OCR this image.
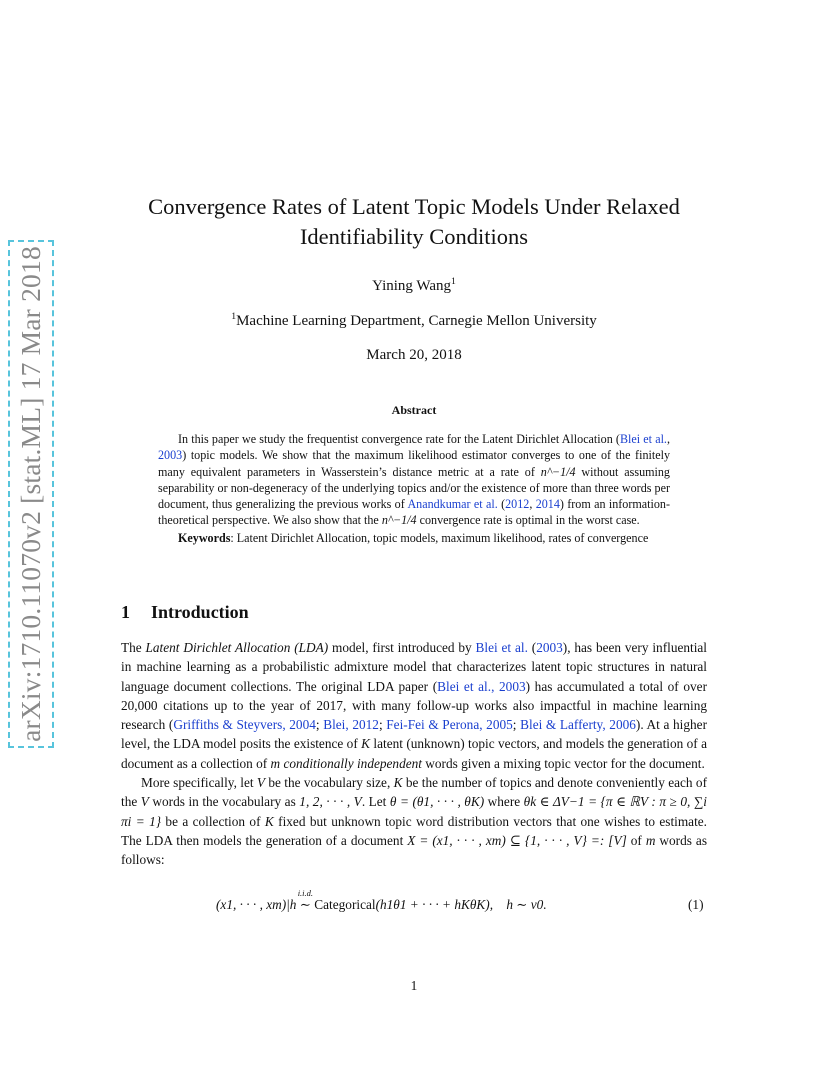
arXiv:1710.11070v2 [stat.ML] 17 Mar 2018
Convergence Rates of Latent Topic Models Under Relaxed
Identifiability Conditions
Yining Wang$^1$
$^1$Machine Learning Department, Carnegie Mellon University
March 20, 2018
Abstract

In this paper we study the frequentist convergence rate for the Latent Dirichlet Allocation (Blei et al., 2003) topic models. We show that the maximum likelihood estimator converges to one of the finitely many equivalent parameters in Wasserstein’s distance metric at a rate of n^−1/4 without assuming separability or non-degeneracy of the underlying topics and/or the existence of more than three words per document, thus generalizing the previous works of Anandkumar et al. (2012, 2014) from an information-theoretical perspective. We also show that the n^−1/4 convergence rate is optimal in the worst case.

Keywords: Latent Dirichlet Allocation, topic models, maximum likelihood, rates of convergence

1 Introduction

The Latent Dirichlet Allocation (LDA) model, first introduced by Blei et al. (2003), has been very influential in machine learning as a probabilistic admixture model that characterizes latent topic structures in natural language document collections. The original LDA paper (Blei et al., 2003) has accumulated a total of over 20,000 citations up to the year of 2017, with many follow-up works also impactful in machine learning research (Griffiths & Steyvers, 2004; Blei, 2012; Fei-Fei & Perona, 2005; Blei & Lafferty, 2006). At a higher level, the LDA model posits the existence of K latent (unknown) topic vectors, and models the generation of a document as a collection of m conditionally independent words given a mixing topic vector for the document.

More specifically, let V be the vocabulary size, K be the number of topics and denote conveniently each of the V words in the vocabulary as 1, 2, · · · , V. Let θ = (θ1, · · · , θK) where θk ∈ ΔV−1 = {π ∈ ℝV : π ≥ 0, ∑i πi = 1} be a collection of K fixed but unknown topic word distribution vectors that one wishes to estimate. The LDA then models the generation of a document X = (x1, · · · , xm) ⊆ {1, · · · , V} =: [V] of m words as follows:

(x1, · · · , xm)|h
i.i.d.
∼ Categorical(h1θ1 + · · · + hKθK), h ∼ ν0.	(1)
1
